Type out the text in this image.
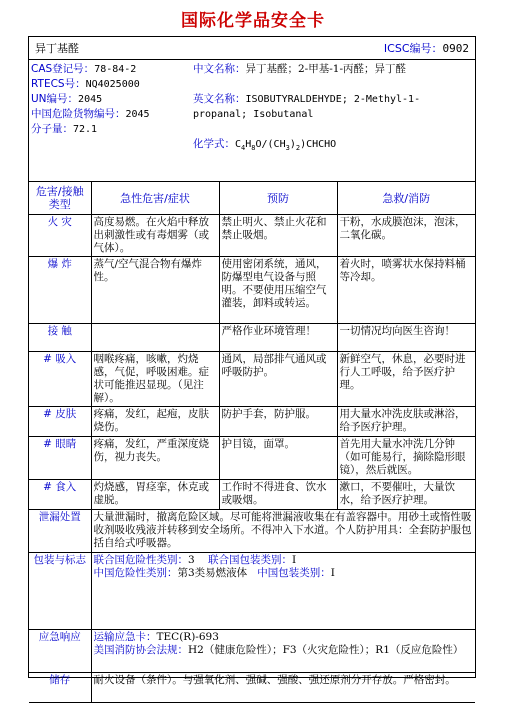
国际化学品安全卡
异丁基醛	ICSC编号：0902
CAS登记号：78-84-2
RTECS号：NQ4025000
UN编号：2045
中国危险货物编号：2045
分子量：72.1
中文名称：异丁基醛；2-甲基-1-丙醛；异丁醛
英文名称：ISOBUTYRALDEHYDE; 2-Methyl-1-propanal; Isobutanal
化学式：$C_4H_8O/(CH_3)_2)CHCHO$
危害/接触类型	急性危害/症状	预防	急救/消防
火 灾	高度易燃。在火焰中释放出刺激性或有毒烟雾（或气体）。	禁止明火、禁止火花和禁止吸烟。	干粉，水成膜泡沫，泡沫，二氧化碳。
爆 炸	蒸气/空气混合物有爆炸性。	使用密闭系统，通风，防爆型电气设备与照明。不要使用压缩空气灌装，卸料或转运。	着火时，喷雾状水保持料桶等冷却。
接 触		严格作业环境管理！	一切情况均向医生咨询！
# 吸入	咽喉疼痛，咳嗽，灼烧感，气促，呼吸困难。症状可能推迟显现。（见注解）。	通风，局部排气通风或呼吸防护。	新鲜空气，休息，必要时进行人工呼吸，给予医疗护理。
# 皮肤	疼痛，发红，起疱，皮肤烧伤。	防护手套，防护服。	用大量水冲洗皮肤或淋浴，给予医疗护理。
# 眼睛	疼痛，发红，严重深度烧伤，视力丧失。	护目镜，面罩。	首先用大量水冲洗几分钟（如可能易行，摘除隐形眼镜），然后就医。
# 食入	灼烧感，胃痉挛，休克或虚脱。	工作时不得进食、饮水或吸烟。	漱口，不要催吐，大量饮水，给予医疗护理。
泄漏处置	大量泄漏时，撤离危险区域。尽可能将泄漏液收集在有盖容器中。用砂土或惰性吸收剂吸收残液并转移到安全场所。不得冲入下水道。个人防护用具：全套防护服包括自给式呼吸器。		
包装与标志	联合国危险性类别：3 联合国包装类别：I
中国危险性类别：第3类易燃液体 中国包装类别：I		

应急响应	运输应急卡：TEC(R)-693
美国消防协会法规：H2（健康危险性）；F3（火灾危险性）；R1（反应危险性）		

储存	耐火设备（条件）。与强氧化剂、强碱、强酸、强还原剂分开存放。严格密封。		
